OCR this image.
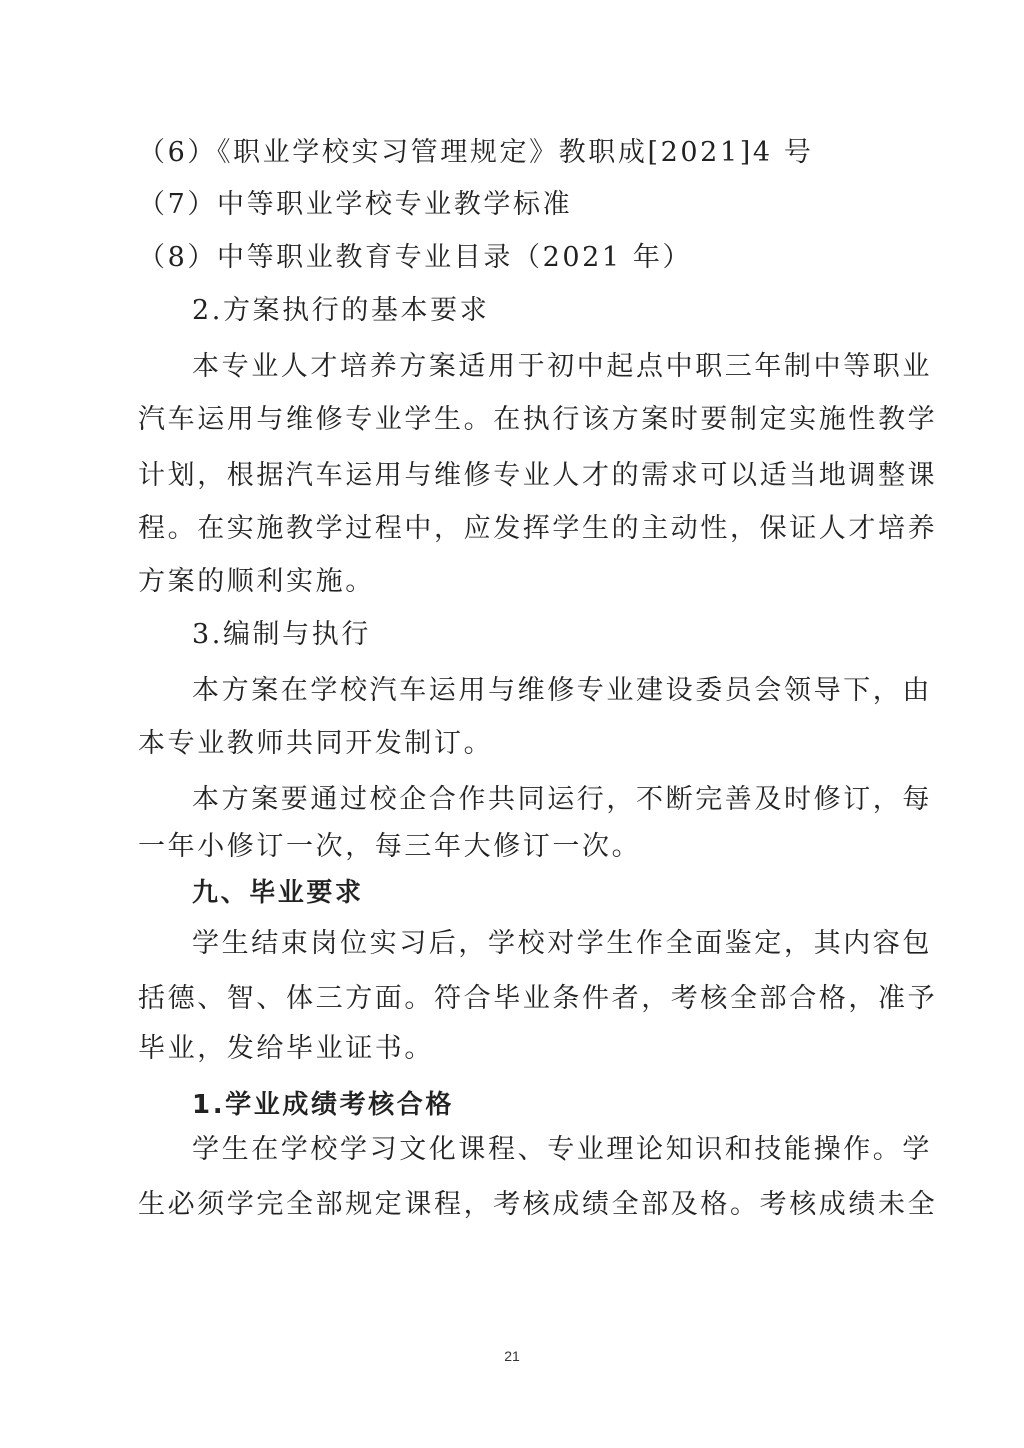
（6）《职业学校实习管理规定》教职成[2021]4 号
（7）中等职业学校专业教学标准
（8）中等职业教育专业目录（2021 年）
2.方案执行的基本要求
本专业人才培养方案适用于初中起点中职三年制中等职业
汽车运用与维修专业学生。在执行该方案时要制定实施性教学
计划，根据汽车运用与维修专业人才的需求可以适当地调整课
程。在实施教学过程中，应发挥学生的主动性，保证人才培养
方案的顺利实施。
3.编制与执行
本方案在学校汽车运用与维修专业建设委员会领导下，由
本专业教师共同开发制订。
本方案要通过校企合作共同运行，不断完善及时修订，每
一年小修订一次，每三年大修订一次。
九、毕业要求
学生结束岗位实习后，学校对学生作全面鉴定，其内容包
括德、智、体三方面。符合毕业条件者，考核全部合格，准予
毕业，发给毕业证书。
1.学业成绩考核合格
学生在学校学习文化课程、专业理论知识和技能操作。学
生必须学完全部规定课程，考核成绩全部及格。考核成绩未全
21
